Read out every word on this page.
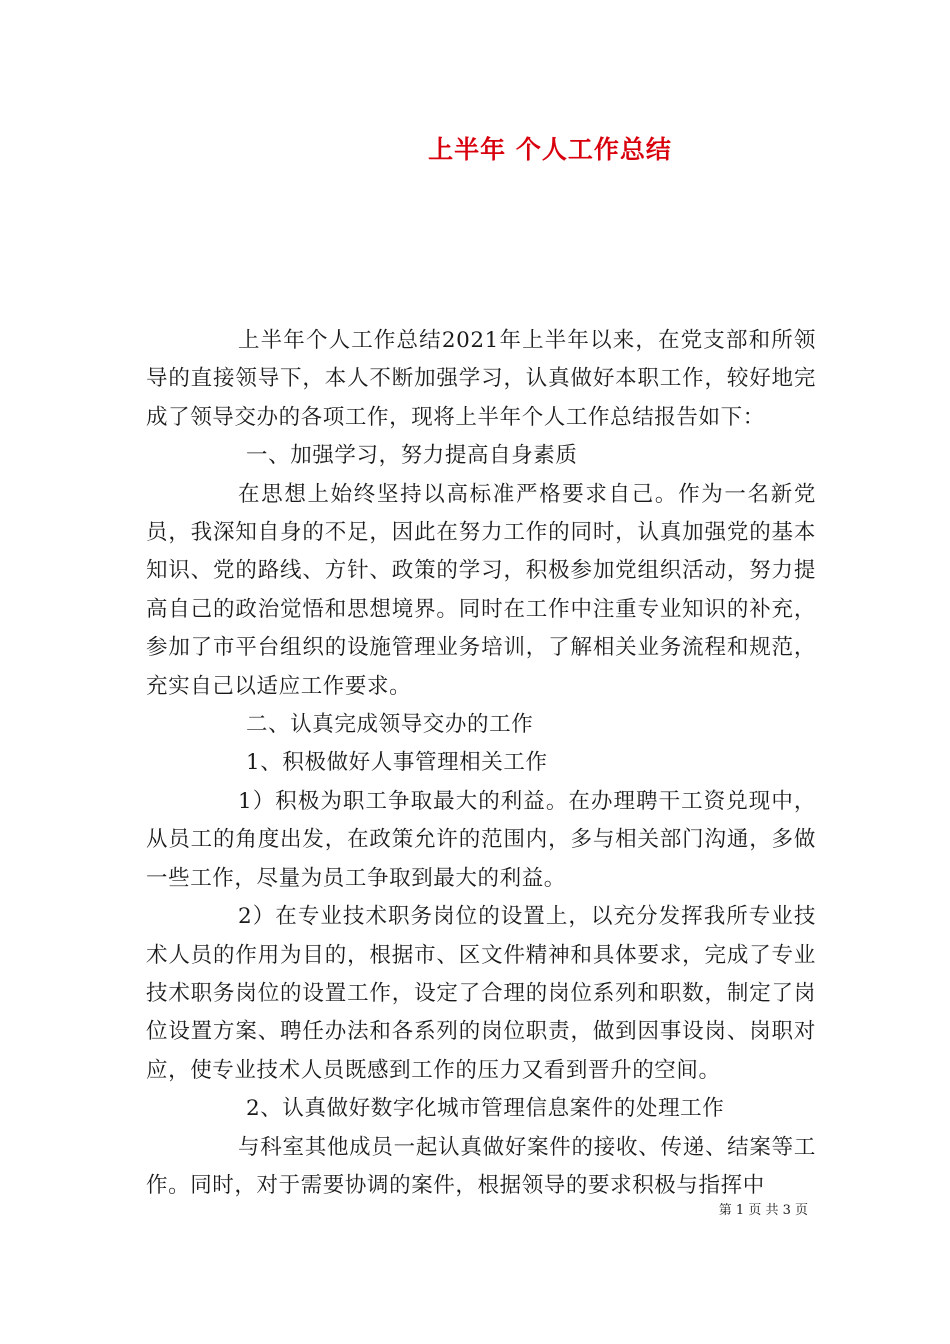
上半年 个人工作总结

上半年个人工作总结2021年上半年以来，在党支部和所领导的直接领导下，本人不断加强学习，认真做好本职工作，较好地完成了领导交办的各项工作，现将上半年个人工作总结报告如下：

一、加强学习，努力提高自身素质

在思想上始终坚持以高标准严格要求自己。作为一名新党员，我深知自身的不足，因此在努力工作的同时，认真加强党的基本知识、党的路线、方针、政策的学习，积极参加党组织活动，努力提高自己的政治觉悟和思想境界。同时在工作中注重专业知识的补充，参加了市平台组织的设施管理业务培训，了解相关业务流程和规范，充实自己以适应工作要求。

二、认真完成领导交办的工作

1、积极做好人事管理相关工作

1）积极为职工争取最大的利益。在办理聘干工资兑现中，从员工的角度出发，在政策允许的范围内，多与相关部门沟通，多做一些工作，尽量为员工争取到最大的利益。

2）在专业技术职务岗位的设置上，以充分发挥我所专业技术人员的作用为目的，根据市、区文件精神和具体要求，完成了专业技术职务岗位的设置工作，设定了合理的岗位系列和职数，制定了岗位设置方案、聘任办法和各系列的岗位职责，做到因事设岗、岗职对应，使专业技术人员既感到工作的压力又看到晋升的空间。

2、认真做好数字化城市管理信息案件的处理工作

与科室其他成员一起认真做好案件的接收、传递、结案等工作。同时，对于需要协调的案件，根据领导的要求积极与指挥中

第 1 页 共 3 页
